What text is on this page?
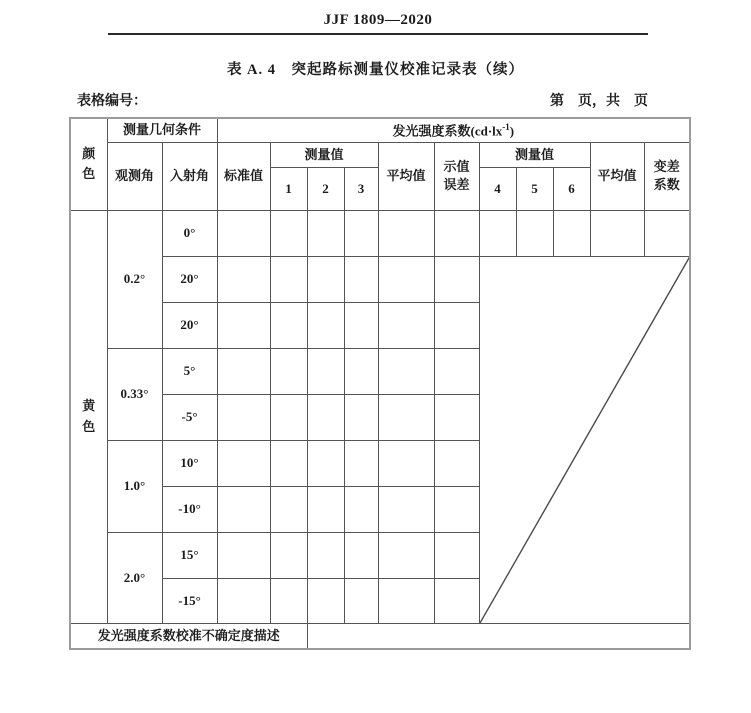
JJF 1809—2020
表 A. 4　突起路标测量仪校准记录表（续）
表格编号：	第　页，共　页
颜色	测量几何条件		发光强度系数$(cd\cdot lx^{-1})$										
	观测角	入射角	标准值	测量值			平均值	示值误差	测量值			平均值	变差系数
				1	2	3			4	5	6		
黄色	0.2°	0°											
		20°							

		20°											
	0.33°	5°											
		-5°											
	1.0°	10°											
		-10°											
	2.0°	15°											
		-15°											
发光强度系数校准不确定度描述													
